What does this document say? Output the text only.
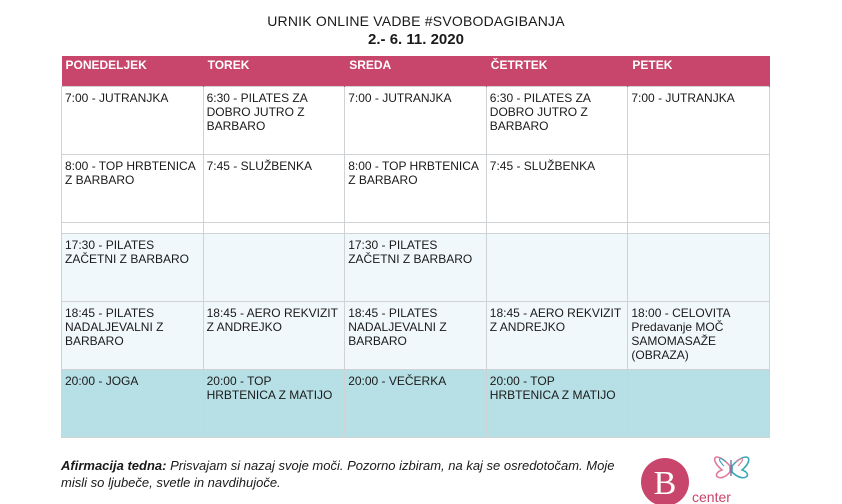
URNIK ONLINE VADBE #SVOBODAGIBANJA
2.- 6. 11. 2020
PONEDELJEK	TOREK	SREDA	ČETRTEK	PETEK

7:00 - JUTRANJKA	6:30 - PILATES ZA DOBRO JUTRO Z BARBARO	7:00 - JUTRANJKA	6:30 - PILATES ZA DOBRO JUTRO Z BARBARO	7:00 - JUTRANJKA

8:00 - TOP HRBTENICA Z BARBARO	7:45 - SLUŽBENKA	8:00 - TOP HRBTENICA Z BARBARO	7:45 - SLUŽBENKA	

17:30 - PILATES ZAČETNI Z BARBARO		17:30 - PILATES ZAČETNI Z BARBARO		

18:45 - PILATES NADALJEVALNI Z BARBARO	18:45 - AERO REKVIZIT Z ANDREJKO	18:45 - PILATES NADALJEVALNI Z BARBARO	18:45 - AERO REKVIZIT Z ANDREJKO	18:00 - CELOVITA Predavanje MOČ SAMOMASAŽE (OBRAZA)

20:00 - JOGA	20:00 - TOP HRBTENICA Z MATIJO	20:00 - VEČERKA	20:00 - TOP HRBTENICA Z MATIJO	

Afirmacija tedna: Prisvajam si nazaj svoje moči. Pozorno izbiram, na kaj se osredotočam. Moje misli so ljubeče, svetle in navdihujoče.	B center
